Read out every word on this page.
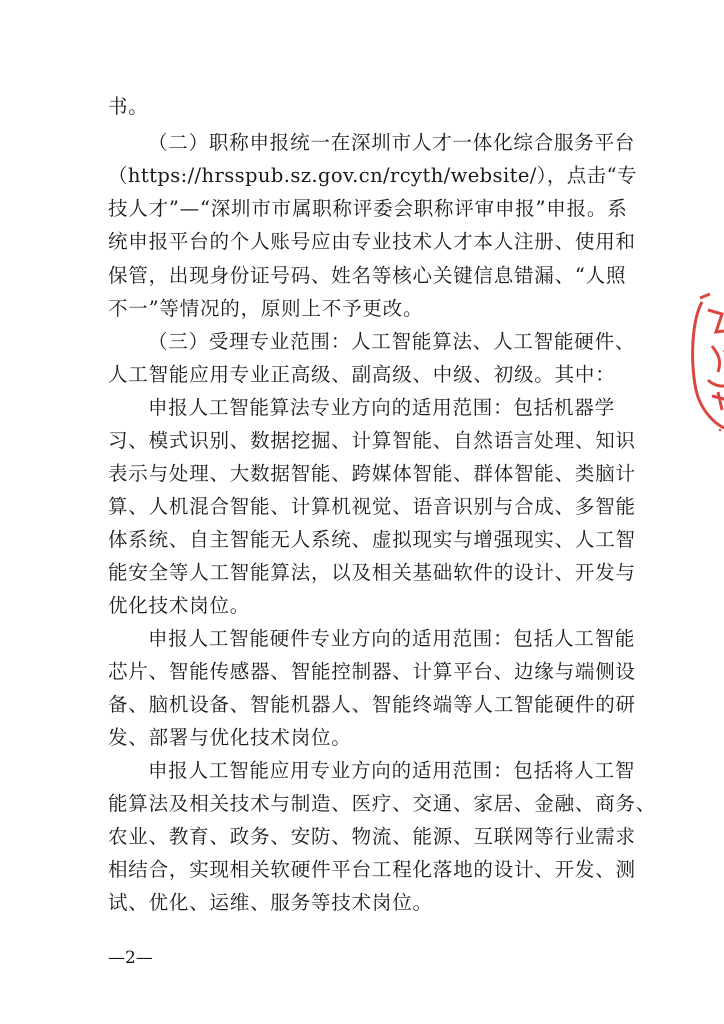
书。
（二）职称申报统一在深圳市人才一体化综合服务平台
（https://hrsspub.sz.gov.cn/rcyth/website/），点击“专
技人才”—“深圳市市属职称评委会职称评审申报”申报。系
统申报平台的个人账号应由专业技术人才本人注册、使用和
保管，出现身份证号码、姓名等核心关键信息错漏、“人照
不一”等情况的，原则上不予更改。
（三）受理专业范围：人工智能算法、人工智能硬件、
人工智能应用专业正高级、副高级、中级、初级。其中：
申报人工智能算法专业方向的适用范围：包括机器学
习、模式识别、数据挖掘、计算智能、自然语言处理、知识
表示与处理、大数据智能、跨媒体智能、群体智能、类脑计
算、人机混合智能、计算机视觉、语音识别与合成、多智能
体系统、自主智能无人系统、虚拟现实与增强现实、人工智
能安全等人工智能算法，以及相关基础软件的设计、开发与
优化技术岗位。
申报人工智能硬件专业方向的适用范围：包括人工智能
芯片、智能传感器、智能控制器、计算平台、边缘与端侧设
备、脑机设备、智能机器人、智能终端等人工智能硬件的研
发、部署与优化技术岗位。
申报人工智能应用专业方向的适用范围：包括将人工智
能算法及相关技术与制造、医疗、交通、家居、金融、商务、
农业、教育、政务、安防、物流、能源、互联网等行业需求
相结合，实现相关软硬件平台工程化落地的设计、开发、测
试、优化、运维、服务等技术岗位。
—2—
